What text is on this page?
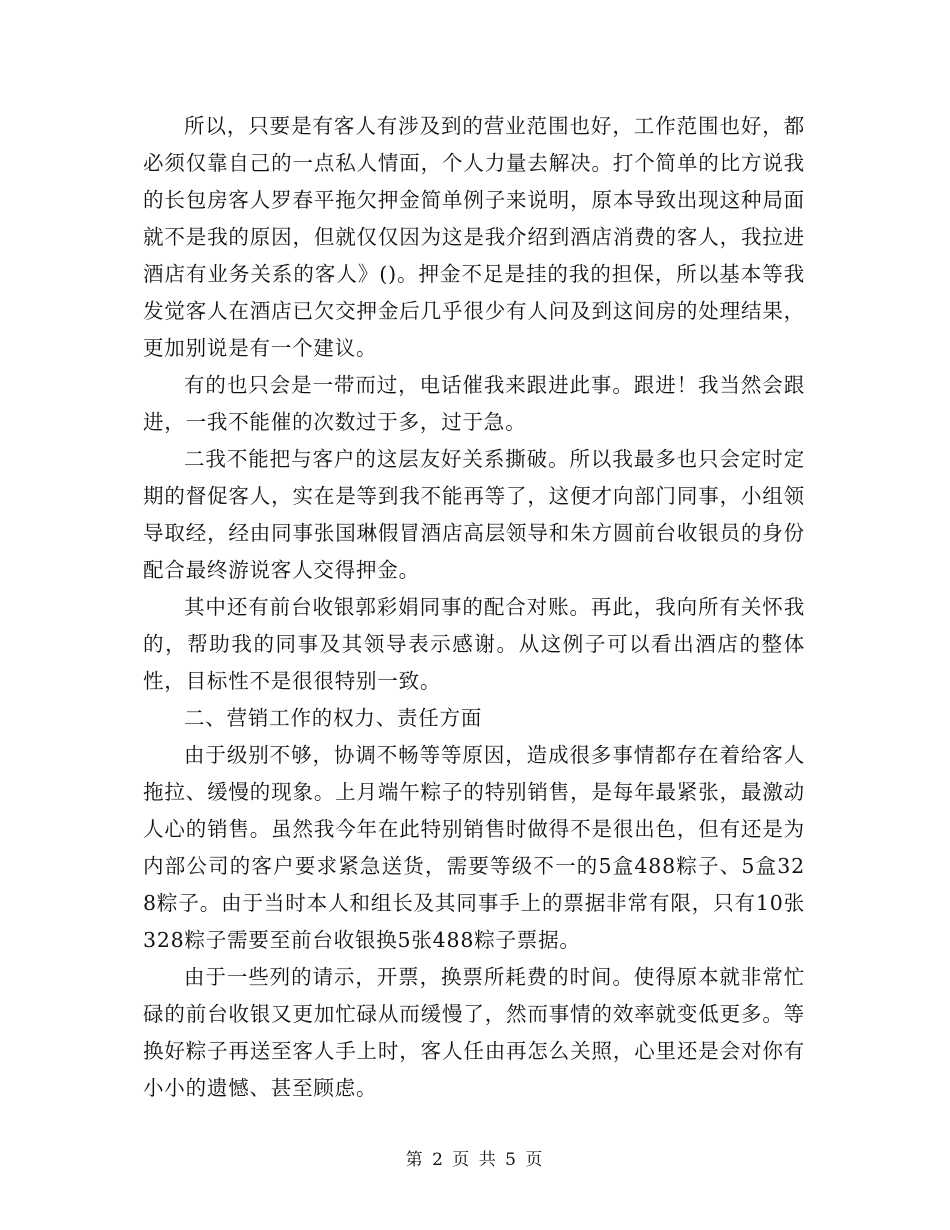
所以，只要是有客人有涉及到的营业范围也好，工作范围也好，都必须仅靠自己的一点私人情面，个人力量去解决。打个简单的比方说我的长包房客人罗春平拖欠押金简单例子来说明，原本导致出现这种局面就不是我的原因，但就仅仅因为这是我介绍到酒店消费的客人，我拉进酒店有业务关系的客人》()。押金不足是挂的我的担保，所以基本等我发觉客人在酒店已欠交押金后几乎很少有人问及到这间房的处理结果，更加别说是有一个建议。

有的也只会是一带而过，电话催我来跟进此事。跟进！我当然会跟进，一我不能催的次数过于多，过于急。

二我不能把与客户的这层友好关系撕破。所以我最多也只会定时定期的督促客人，实在是等到我不能再等了，这便才向部门同事，小组领导取经，经由同事张国琳假冒酒店高层领导和朱方圆前台收银员的身份配合最终游说客人交得押金。

其中还有前台收银郭彩娟同事的配合对账。再此，我向所有关怀我的，帮助我的同事及其领导表示感谢。从这例子可以看出酒店的整体性，目标性不是很很特别一致。

二、营销工作的权力、责任方面

由于级别不够，协调不畅等等原因，造成很多事情都存在着给客人拖拉、缓慢的现象。上月端午粽子的特别销售，是每年最紧张，最激动人心的销售。虽然我今年在此特别销售时做得不是很出色，但有还是为内部公司的客户要求紧急送货，需要等级不一的5盒488粽子、5盒328粽子。由于当时本人和组长及其同事手上的票据非常有限，只有10张328粽子需要至前台收银换5张488粽子票据。

由于一些列的请示，开票，换票所耗费的时间。使得原本就非常忙碌的前台收银又更加忙碌从而缓慢了，然而事情的效率就变低更多。等换好粽子再送至客人手上时，客人任由再怎么关照，心里还是会对你有小小的遗憾、甚至顾虑。

第 2 页 共 5 页
